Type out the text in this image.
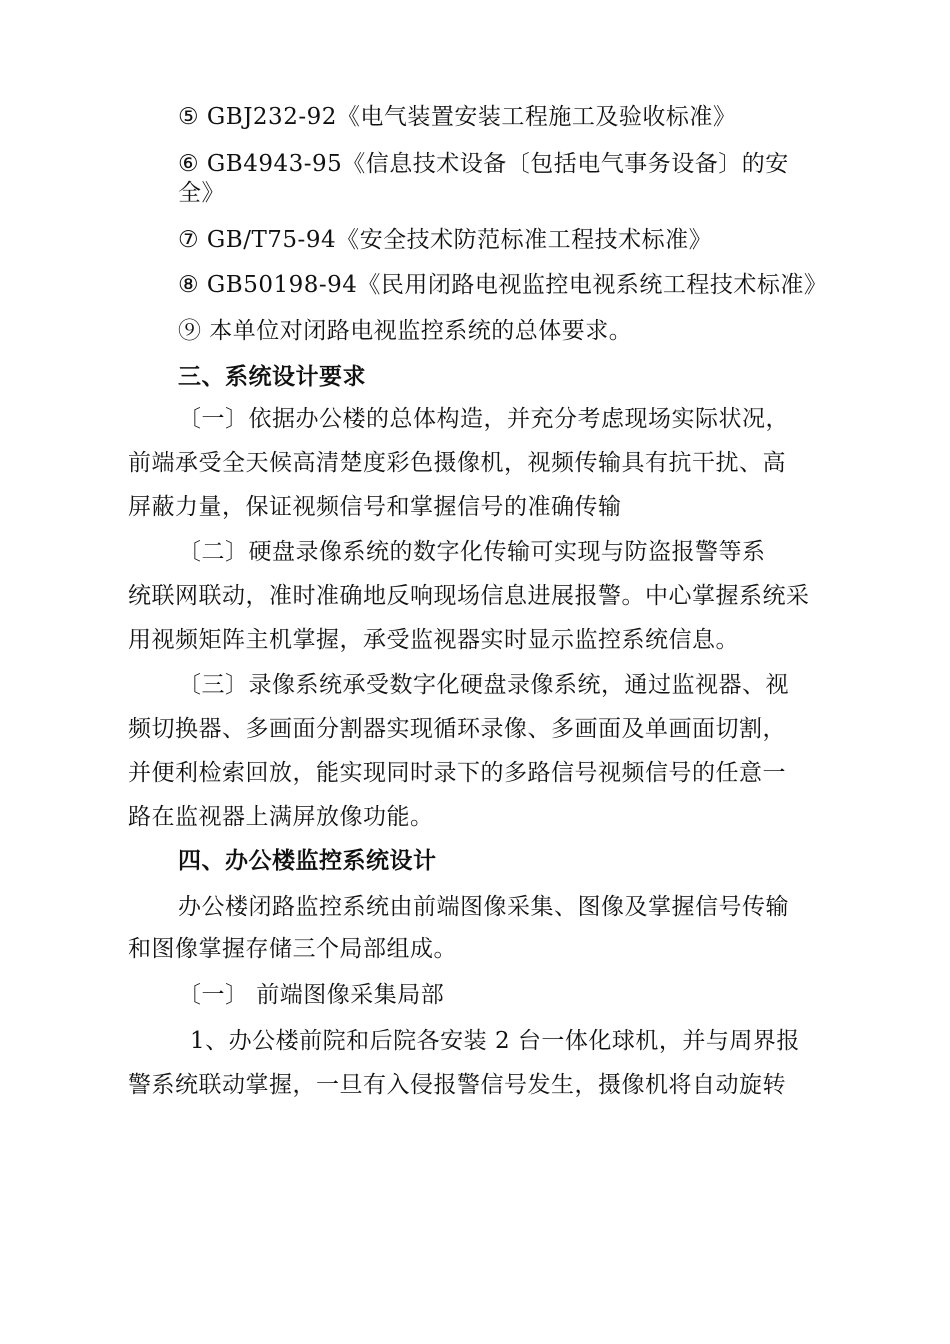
⑤ GBJ232-92《电气装置安装工程施工及验收标准》
⑥ GB4943-95《信息技术设备〔包括电气事务设备〕的安
全》
⑦ GB/T75-94《安全技术防范标准工程技术标准》
⑧ GB50198-94《民用闭路电视监控电视系统工程技术标准》
⑨ 本单位对闭路电视监控系统的总体要求。
三、系统设计要求
〔一〕依据办公楼的总体构造，并充分考虑现场实际状况，
前端承受全天候高清楚度彩色摄像机，视频传输具有抗干扰、高
屏蔽力量，保证视频信号和掌握信号的准确传输
〔二〕硬盘录像系统的数字化传输可实现与防盗报警等系
统联网联动，准时准确地反响现场信息进展报警。中心掌握系统采
用视频矩阵主机掌握，承受监视器实时显示监控系统信息。
〔三〕录像系统承受数字化硬盘录像系统，通过监视器、视
频切换器、多画面分割器实现循环录像、多画面及单画面切割，
并便利检索回放，能实现同时录下的多路信号视频信号的任意一
路在监视器上满屏放像功能。
四、办公楼监控系统设计
办公楼闭路监控系统由前端图像采集、图像及掌握信号传输
和图像掌握存储三个局部组成。
〔一〕 前端图像采集局部
1、办公楼前院和后院各安装 2 台一体化球机，并与周界报
警系统联动掌握，一旦有入侵报警信号发生，摄像机将自动旋转
